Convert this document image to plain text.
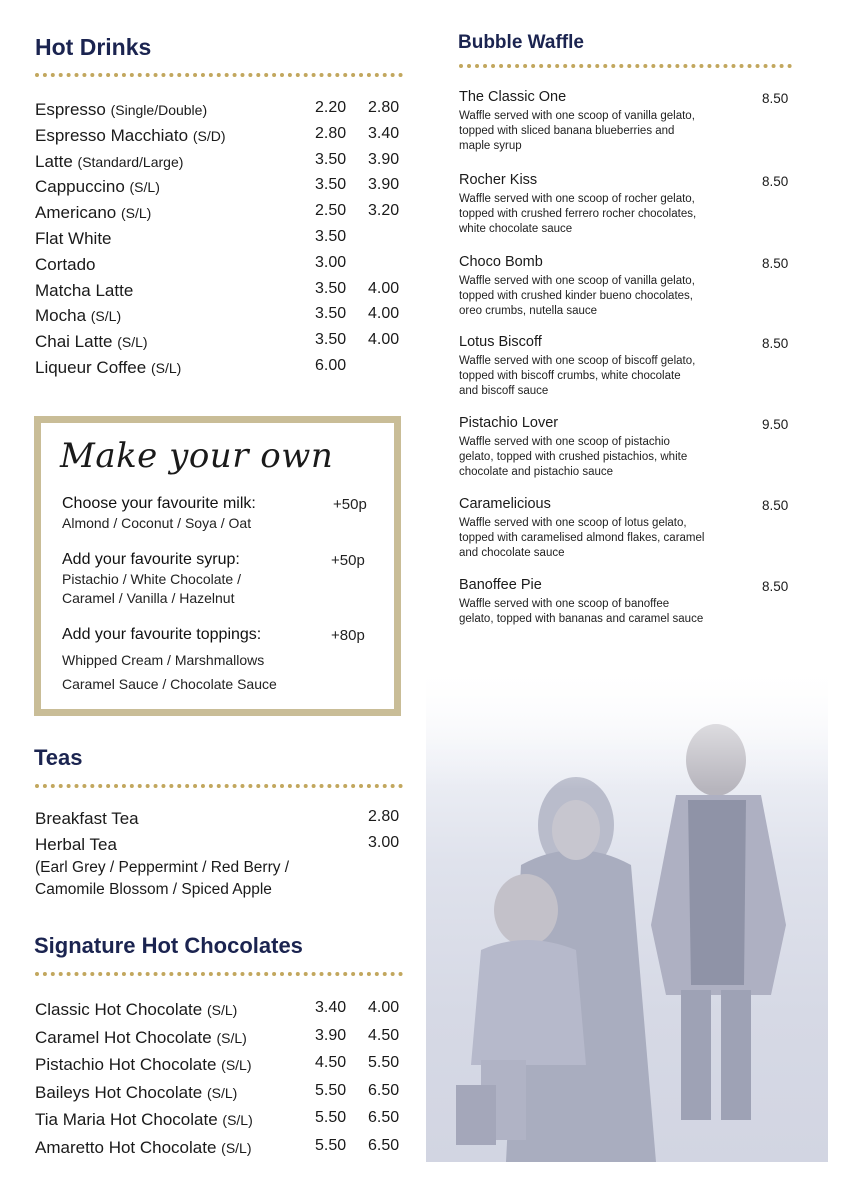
Hot Drinks
Espresso (Single/Double)	2.20 2.80
Espresso Macchiato (S/D)	2.80 3.40
Latte (Standard/Large)	3.50 3.90
Cappuccino (S/L)	3.50 3.90
Americano (S/L)	2.50 3.20
Flat White	3.50
Cortado	3.00
Matcha Latte	3.50 4.00
Mocha (S/L)	3.50 4.00
Chai Latte (S/L)	3.50 4.00
Liqueur Coffee (S/L)	6.00
Make your own
Choose your favourite milk:	+50p
Almond / Coconut / Soya / Oat
Add your favourite syrup:	+50p
Pistachio / White Chocolate /
Caramel / Vanilla / Hazelnut
Add your favourite toppings:	+80p
Whipped Cream / Marshmallows
Caramel Sauce / Chocolate Sauce
Teas
Breakfast Tea	2.80
Herbal Tea	3.00
(Earl Grey / Peppermint / Red Berry /
Camomile Blossom / Spiced Apple
Signature Hot Chocolates
Classic Hot Chocolate (S/L)	3.40 4.00
Caramel Hot Chocolate (S/L)	3.90 4.50
Pistachio Hot Chocolate (S/L)	4.50 5.50
Baileys Hot Chocolate (S/L)	5.50 6.50
Tia Maria Hot Chocolate (S/L)	5.50 6.50
Amaretto Hot Chocolate (S/L)	5.50 6.50
Bubble Waffle
The Classic One	8.50
Waffle served with one scoop of vanilla gelato,
topped with sliced banana blueberries and
maple syrup
Rocher Kiss	8.50
Waffle served with one scoop of rocher gelato,
topped with crushed ferrero rocher chocolates,
white chocolate sauce
Choco Bomb	8.50
Waffle served with one scoop of vanilla gelato,
topped with crushed kinder bueno chocolates,
oreo crumbs, nutella sauce
Lotus Biscoff	8.50
Waffle served with one scoop of biscoff gelato,
topped with biscoff crumbs, white chocolate
and biscoff sauce
Pistachio Lover	9.50
Waffle served with one scoop of pistachio
gelato, topped with crushed pistachios, white
chocolate and pistachio sauce
Caramelicious	8.50
Waffle served with one scoop of lotus gelato,
topped with caramelised almond flakes, caramel
and chocolate sauce
Banoffee Pie	8.50
Waffle served with one scoop of banoffee
gelato, topped with bananas and caramel sauce
